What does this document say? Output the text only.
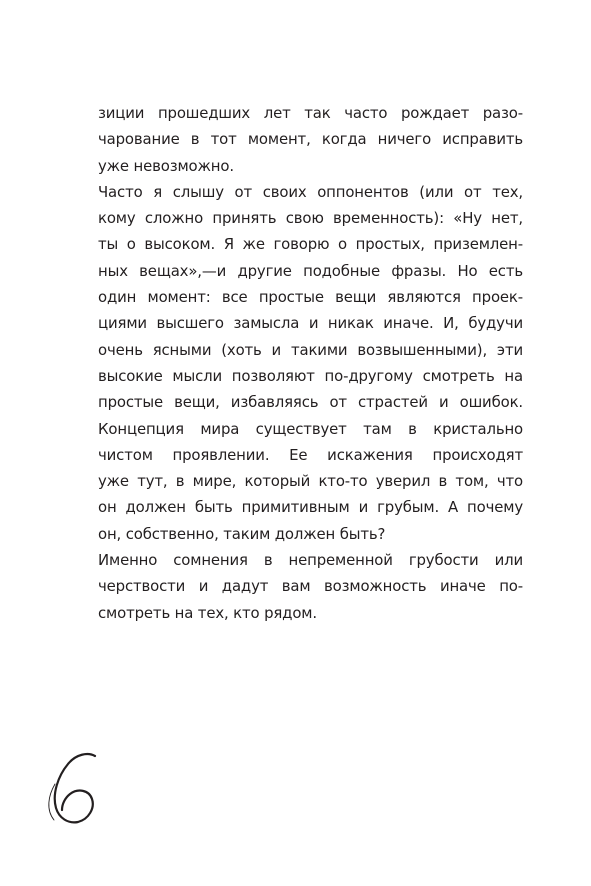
зиции прошедших лет так часто рождает разо-
чарование в тот момент, когда ничего исправить
уже невозможно.
Часто я слышу от своих оппонентов (или от тех,
кому сложно принять свою временность): «Ну нет,
ты о высоком. Я же говорю о простых, приземлен-
ных вещах»,—и другие подобные фразы. Но есть
один момент: все простые вещи являются проек-
циями высшего замысла и никак иначе. И, будучи
очень ясными (хоть и такими возвышенными), эти
высокие мысли позволяют по-другому смотреть на
простые вещи, избавляясь от страстей и ошибок.
Концепция мира существует там в кристально
чистом проявлении. Ее искажения происходят
уже тут, в мире, который кто-то уверил в том, что
он должен быть примитивным и грубым. А почему
он, собственно, таким должен быть?
Именно сомнения в непременной грубости или
черствости и дадут вам возможность иначе по-
смотреть на тех, кто рядом.
